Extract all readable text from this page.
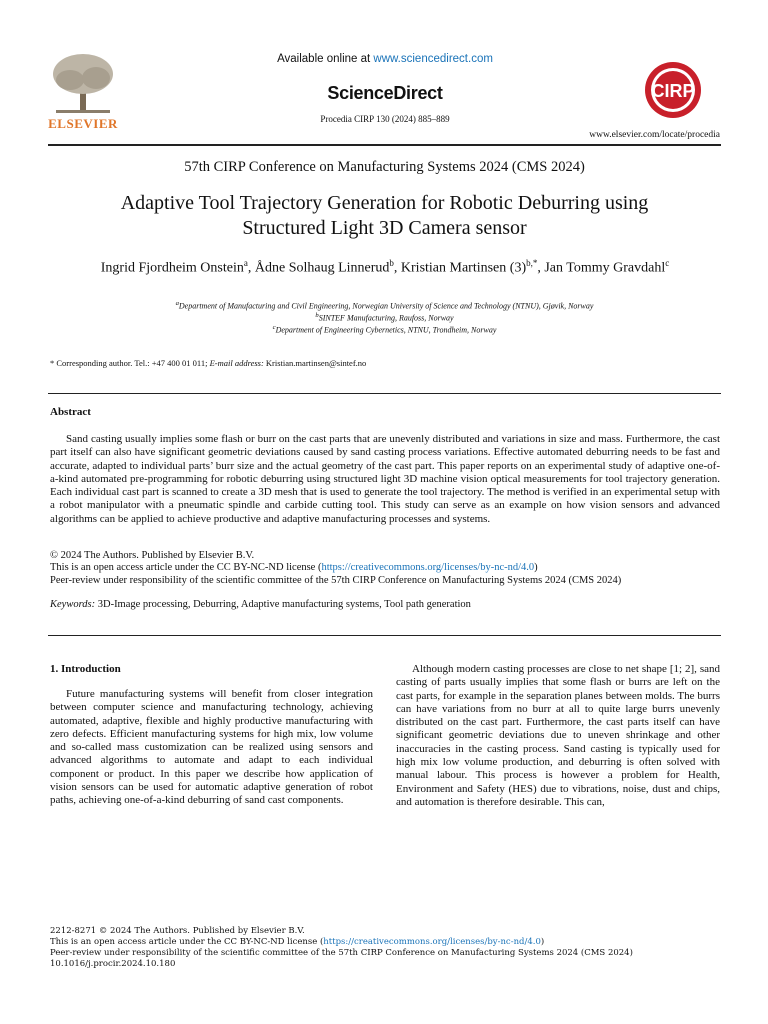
ELSEVIER
Available online at www.sciencedirect.com
ScienceDirect
Procedia CIRP 130 (2024) 885–889
CIRP
www.elsevier.com/locate/procedia
57th CIRP Conference on Manufacturing Systems 2024 (CMS 2024)
Adaptive Tool Trajectory Generation for Robotic Deburring using
Structured Light 3D Camera sensor
Ingrid Fjordheim Onstein$^a$, Ådne Solhaug Linnerud$^b$, Kristian Martinsen $(3)^{b,*}$, Jan Tommy Gravdahl$^c$
$^a$Department of Manufacturing and Civil Engineering, Norwegian University of Science and Technology (NTNU), Gjøvik, Norway
$^b$SINTEF Manufacturing, Raufoss, Norway
$^c$Department of Engineering Cybernetics, NTNU, Trondheim, Norway
* Corresponding author. Tel.: +47 400 01 011; E-mail address: Kristian.martinsen@sintef.no
Abstract
Sand casting usually implies some flash or burr on the cast parts that are unevenly distributed and variations in size and mass. Furthermore, the cast part itself can also have significant geometric deviations caused by sand casting process variations. Effective automated deburring needs to be fast and accurate, adapted to individual parts’ burr size and the actual geometry of the cast part. This paper reports on an experimental study of adaptive one-of-a-kind automated pre-programming for robotic deburring using structured light 3D machine vision optical measurements for tool trajectory generation. Each individual cast part is scanned to create a 3D mesh that is used to generate the tool trajectory. The method is verified in an experimental setup with a robot manipulator with a pneumatic spindle and carbide cutting tool. This study can serve as an example on how vision sensors and advanced algorithms can be applied to achieve productive and adaptive manufacturing processes and systems.
© 2024 The Authors. Published by Elsevier B.V.
This is an open access article under the CC BY-NC-ND license (https://creativecommons.org/licenses/by-nc-nd/4.0)
Peer-review under responsibility of the scientific committee of the 57th CIRP Conference on Manufacturing Systems 2024 (CMS 2024)
Keywords: 3D-Image processing, Deburring, Adaptive manufacturing systems, Tool path generation
1. Introduction
Future manufacturing systems will benefit from closer integration between computer science and manufacturing technology, achieving automated, adaptive, flexible and highly productive manufacturing with zero defects. Efficient manufacturing systems for high mix, low volume and so-called mass customization can be realized using sensors and advanced algorithms to automate and adapt to each individual component or product. In this paper we describe how application of vision sensors can be used for automatic adaptive generation of robot paths, achieving one-of-a-kind deburring of sand cast components.
Although modern casting processes are close to net shape [1; 2], sand casting of parts usually implies that some flash or burrs are left on the cast parts, for example in the separation planes between molds. The burrs can have variations from no burr at all to quite large burrs unevenly distributed on the cast part. Furthermore, the cast parts itself can have significant geometric deviations due to uneven shrinkage and other inaccuracies in the casting process. Sand casting is typically used for high mix low volume production, and deburring is often solved with manual labour. This process is however a problem for Health, Environment and Safety (HES) due to vibrations, noise, dust and chips, and automation is therefore desirable. This can,
2212-8271 © 2024 The Authors. Published by Elsevier B.V.
This is an open access article under the CC BY-NC-ND license (https://creativecommons.org/licenses/by-nc-nd/4.0)
Peer-review under responsibility of the scientific committee of the 57th CIRP Conference on Manufacturing Systems 2024 (CMS 2024)
10.1016/j.procir.2024.10.180
